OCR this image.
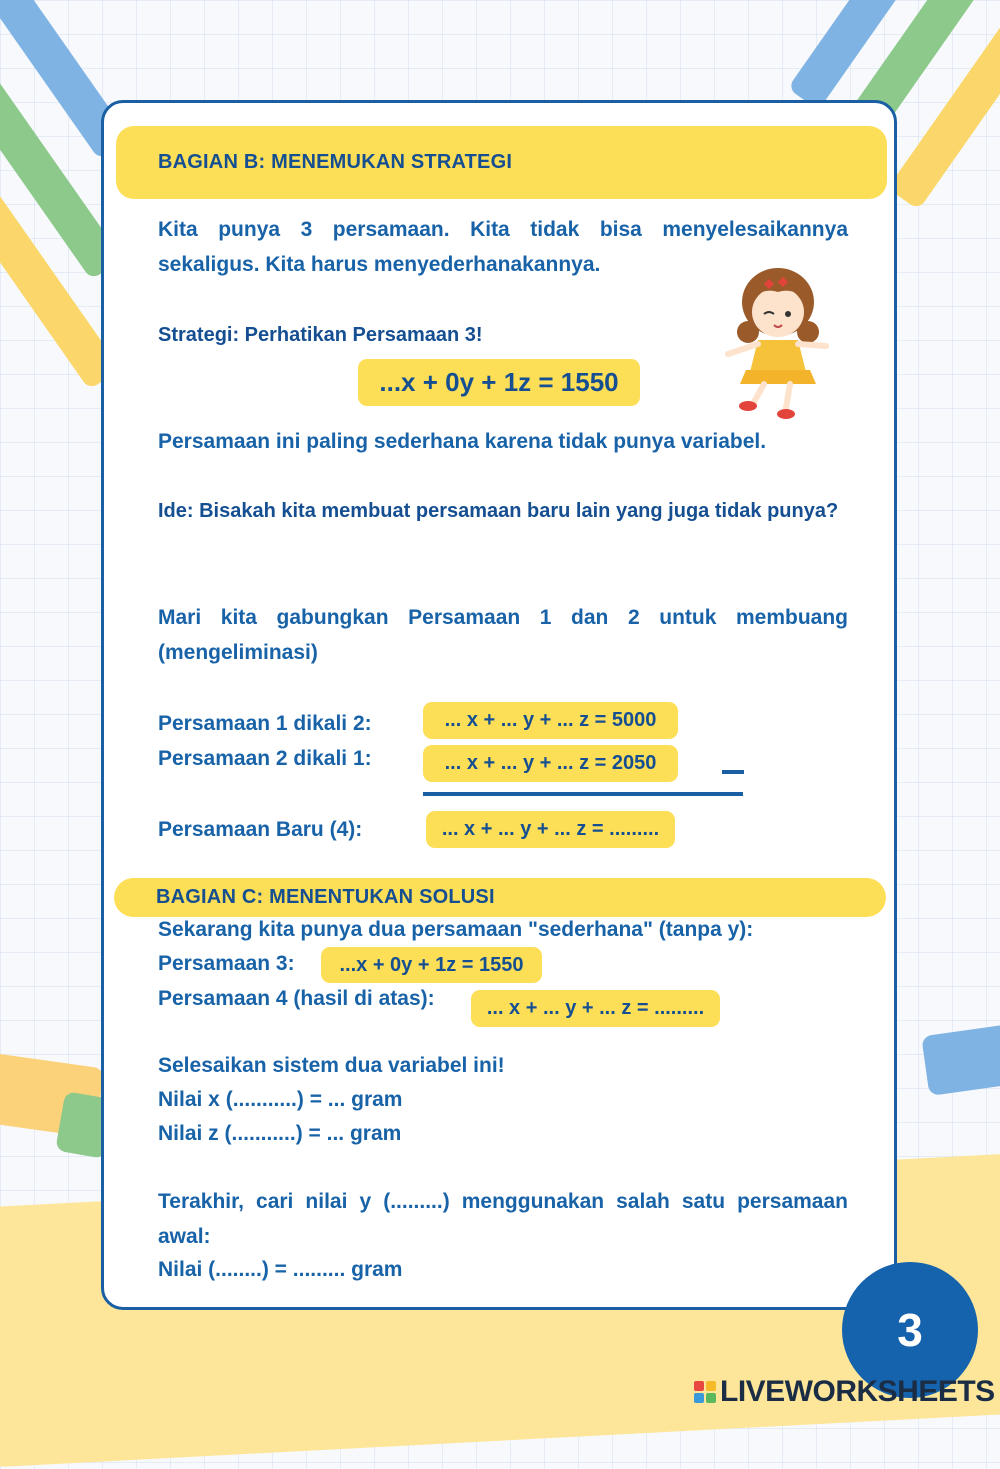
BAGIAN B: MENEMUKAN STRATEGI
Kita punya 3 persamaan. Kita tidak bisa menyelesaikannya sekaligus. Kita harus menyederhanakannya.
Strategi: Perhatikan Persamaan 3!
...x + 0y + 1z = 1550
Persamaan ini paling sederhana karena tidak punya variabel.
Ide: Bisakah kita membuat persamaan baru lain yang juga tidak punya?
Mari kita gabungkan Persamaan 1 dan 2 untuk membuang (mengeliminasi)
Persamaan 1 dikali 2:	... x + ... y + ... z = 5000
Persamaan 2 dikali 1:	... x + ... y + ... z = 2050
Persamaan Baru (4):	... x + ... y + ... z = .........
BAGIAN C: MENENTUKAN SOLUSI
Sekarang kita punya dua persamaan "sederhana" (tanpa y):
Persamaan 3: ...x + 0y + 1z = 1550
Persamaan 4 (hasil di atas):	... x + ... y + ... z = .........
Selesaikan sistem dua variabel ini!
Nilai x (...........) = ... gram
Nilai z (...........) = ... gram
Terakhir, cari nilai y (.........) menggunakan salah satu persamaan awal:
Nilai (........) = ......... gram
3
LIVEWORKSHEETS
